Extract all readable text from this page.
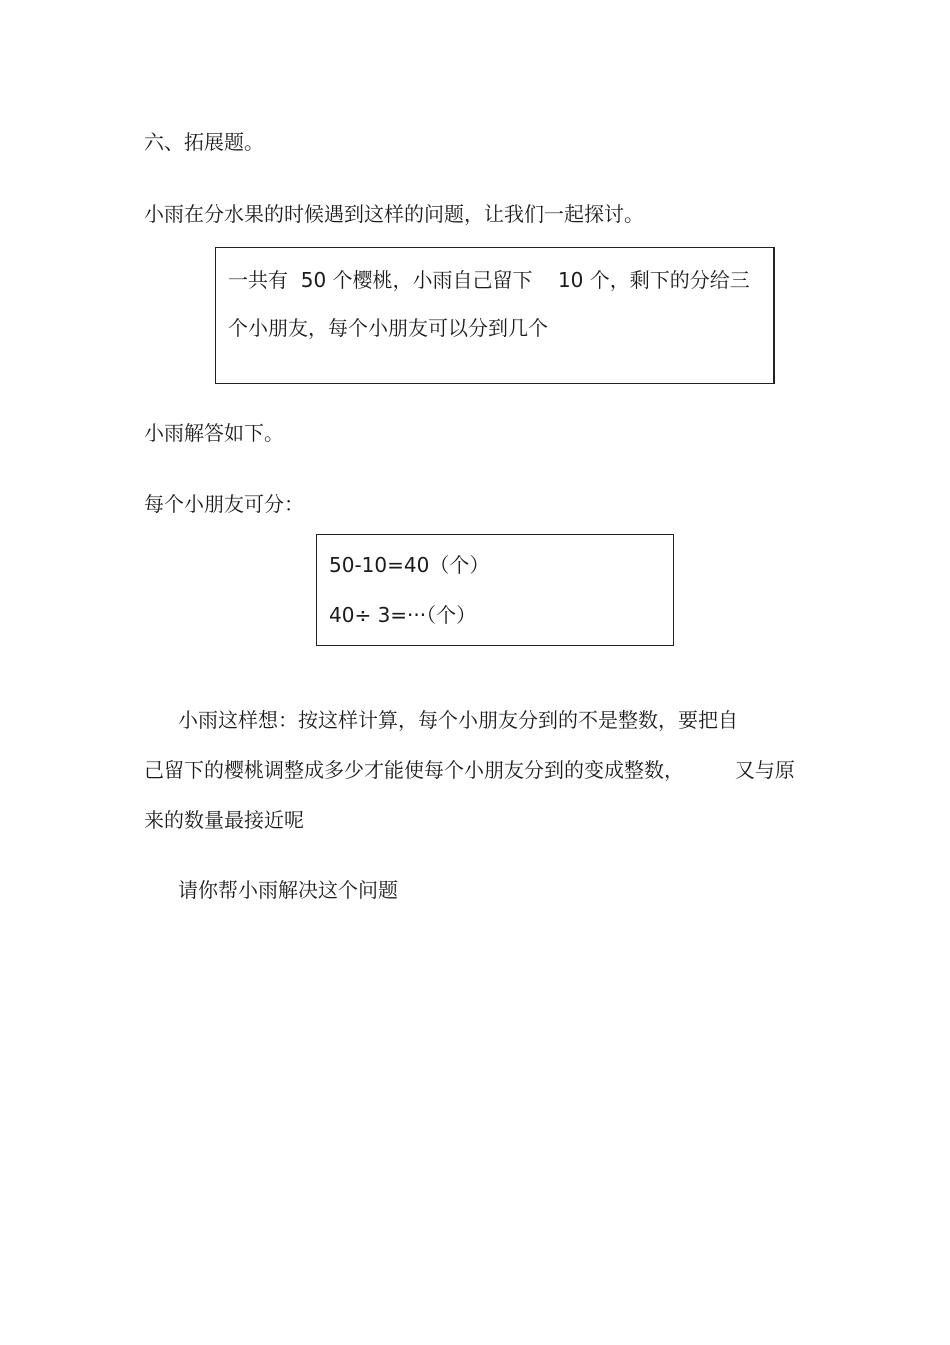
六、拓展题。
小雨在分水果的时候遇到这样的问题，让我们一起探讨。
一共有  50 个樱桃，小雨自己留下    10 个，剩下的分给三
个小朋友，每个小朋友可以分到几个
小雨解答如下。
每个小朋友可分：
50-10=40（个）
40÷ 3=···（个）
小雨这样想：按这样计算，每个小朋友分到的不是整数，要把自
己留下的樱桃调整成多少才能使每个小朋友分到的变成整数，        又与原
来的数量最接近呢
请你帮小雨解决这个问题
